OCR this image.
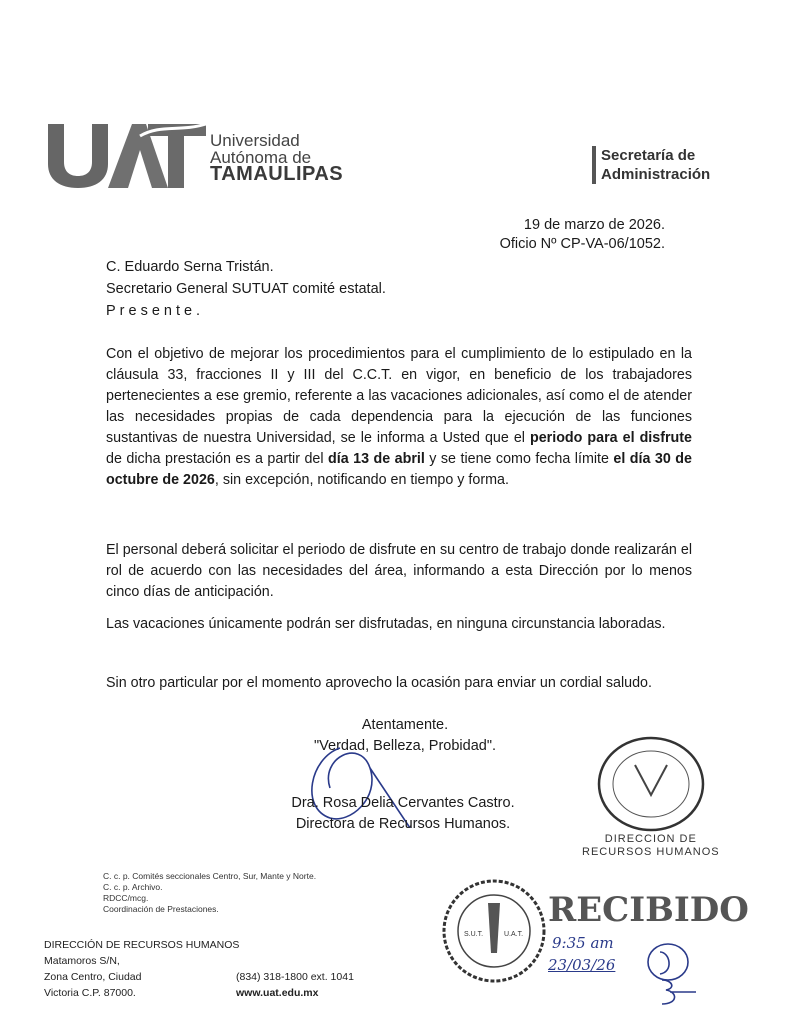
Universidad
Autónoma de
TAMAULIPAS
Secretaría de
Administración
19 de marzo de 2026.
Oficio Nº CP-VA-06/1052.
C. Eduardo Serna Tristán.
Secretario General SUTUAT comité estatal.
Presente.
Con el objetivo de mejorar los procedimientos para el cumplimiento de lo estipulado en la cláusula 33, fracciones II y III del C.C.T. en vigor, en beneficio de los trabajadores pertenecientes a ese gremio, referente a las vacaciones adicionales, así como el de atender las necesidades propias de cada dependencia para la ejecución de las funciones sustantivas de nuestra Universidad, se le informa a Usted que el periodo para el disfrute de dicha prestación es a partir del día 13 de abril y se tiene como fecha límite el día 30 de octubre de 2026, sin excepción, notificando en tiempo y forma.
El personal deberá solicitar el periodo de disfrute en su centro de trabajo donde realizarán el rol de acuerdo con las necesidades del área, informando a esta Dirección por lo menos cinco días de anticipación.
Las vacaciones únicamente podrán ser disfrutadas, en ninguna circunstancia laboradas.
Sin otro particular por el momento aprovecho la ocasión para enviar un cordial saludo.
Atentamente.
"Verdad, Belleza, Probidad".
Dra. Rosa Delia Cervantes Castro.
Directora de Recursos Humanos.
DIRECCION DE
RECURSOS HUMANOS
C. c. p. Comités seccionales Centro, Sur, Mante y Norte.
C. c. p. Archivo.
RDCC/mcg.
Coordinación de Prestaciones.
DIRECCIÓN DE RECURSOS HUMANOS
Matamoros S/N,
Zona Centro, Ciudad
Victoria C.P. 87000.
(834) 318-1800 ext. 1041
www.uat.edu.mx
S.U.T.	U.A.T.
RECIBIDO
9:35 am
23/03/26
